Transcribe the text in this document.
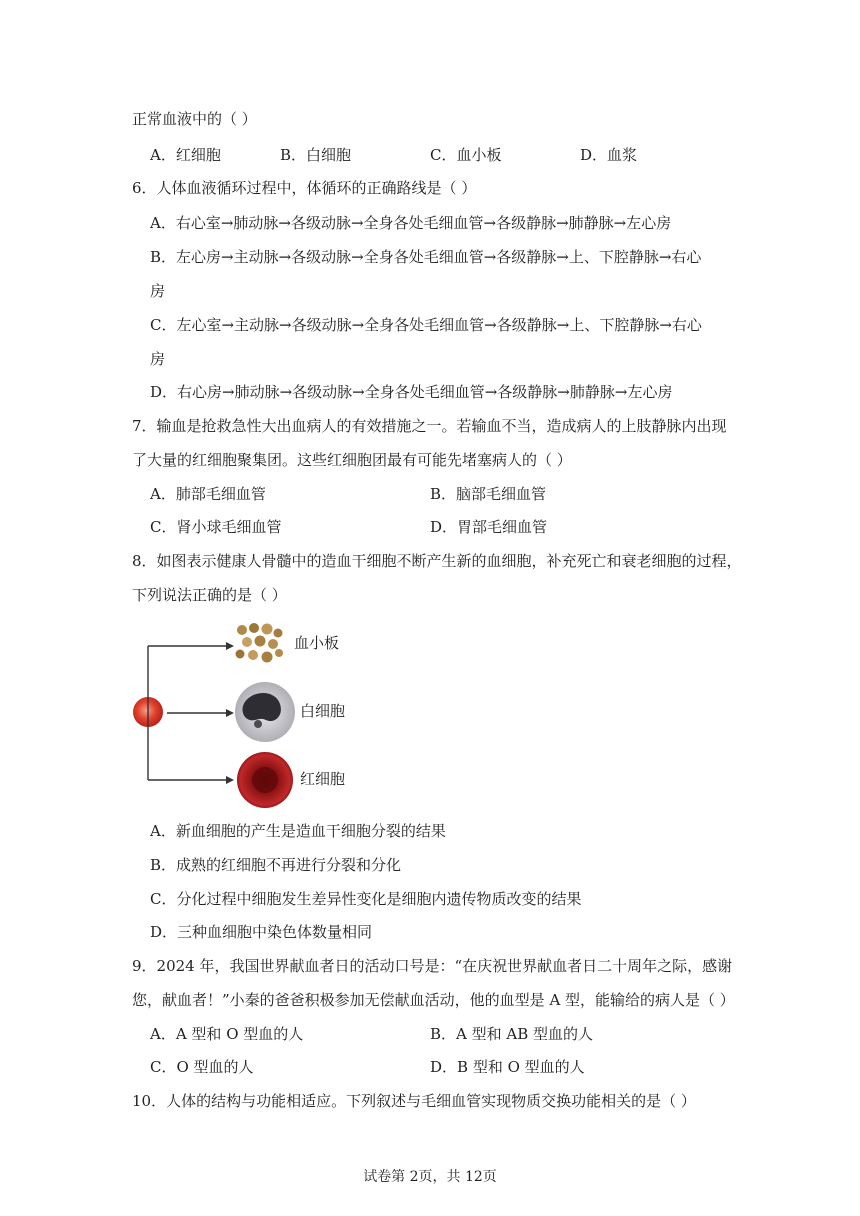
正常血液中的（ ）
A．红细胞	B．白细胞	C．血小板	D．血浆
6．人体血液循环过程中，体循环的正确路线是（ ）
A．右心室→肺动脉→各级动脉→全身各处毛细血管→各级静脉→肺静脉→左心房
B．左心房→主动脉→各级动脉→全身各处毛细血管→各级静脉→上、下腔静脉→右心
房
C．左心室→主动脉→各级动脉→全身各处毛细血管→各级静脉→上、下腔静脉→右心
房
D．右心房→肺动脉→各级动脉→全身各处毛细血管→各级静脉→肺静脉→左心房
7．输血是抢救急性大出血病人的有效措施之一。若输血不当，造成病人的上肢静脉内出现
了大量的红细胞聚集团。这些红细胞团最有可能先堵塞病人的（ ）
A．肺部毛细血管	B．脑部毛细血管
C．肾小球毛细血管	D．胃部毛细血管
8．如图表示健康人骨髓中的造血干细胞不断产生新的血细胞，补充死亡和衰老细胞的过程，
下列说法正确的是（ ）
血小板
白细胞
红细胞
A．新血细胞的产生是造血干细胞分裂的结果
B．成熟的红细胞不再进行分裂和分化
C．分化过程中细胞发生差异性变化是细胞内遗传物质改变的结果
D．三种血细胞中染色体数量相同
9．2024 年，我国世界献血者日的活动口号是：“在庆祝世界献血者日二十周年之际，感谢
您，献血者！”小秦的爸爸积极参加无偿献血活动，他的血型是 A 型，能输给的病人是（ ）
A．A 型和 O 型血的人	B．A 型和 AB 型血的人
C．O 型血的人	D．B 型和 O 型血的人
10．人体的结构与功能相适应。下列叙述与毛细血管实现物质交换功能相关的是（ ）
试卷第 2页，共 12页
